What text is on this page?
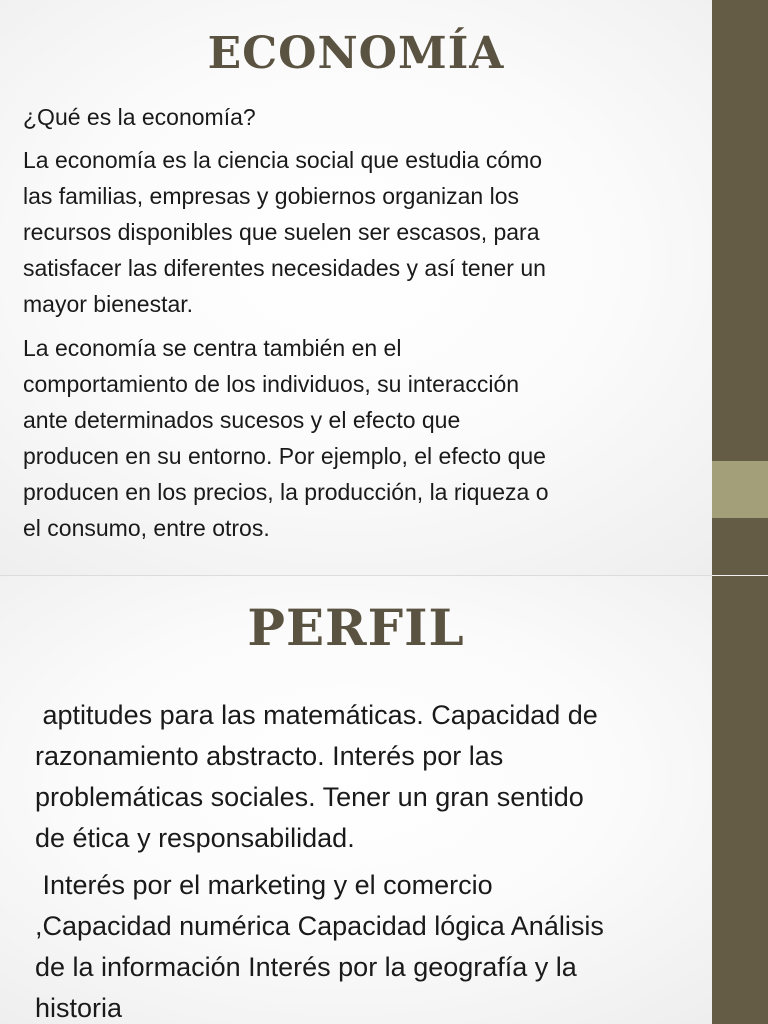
ECONOMÍA

¿Qué es la economía?

La economía es la ciencia social que estudia cómo
las familias, empresas y gobiernos organizan los
recursos disponibles que suelen ser escasos, para
satisfacer las diferentes necesidades y así tener un
mayor bienestar.

La economía se centra también en el
comportamiento de los individuos, su interacción
ante determinados sucesos y el efecto que
producen en su entorno. Por ejemplo, el efecto que
producen en los precios, la producción, la riqueza o
el consumo, entre otros.

PERFIL

aptitudes para las matemáticas. Capacidad de
razonamiento abstracto. Interés por las
problemáticas sociales. Tener un gran sentido
de ética y responsabilidad.

Interés por el marketing y el comercio
,Capacidad numérica Capacidad lógica Análisis
de la información Interés por la geografía y la
historia
